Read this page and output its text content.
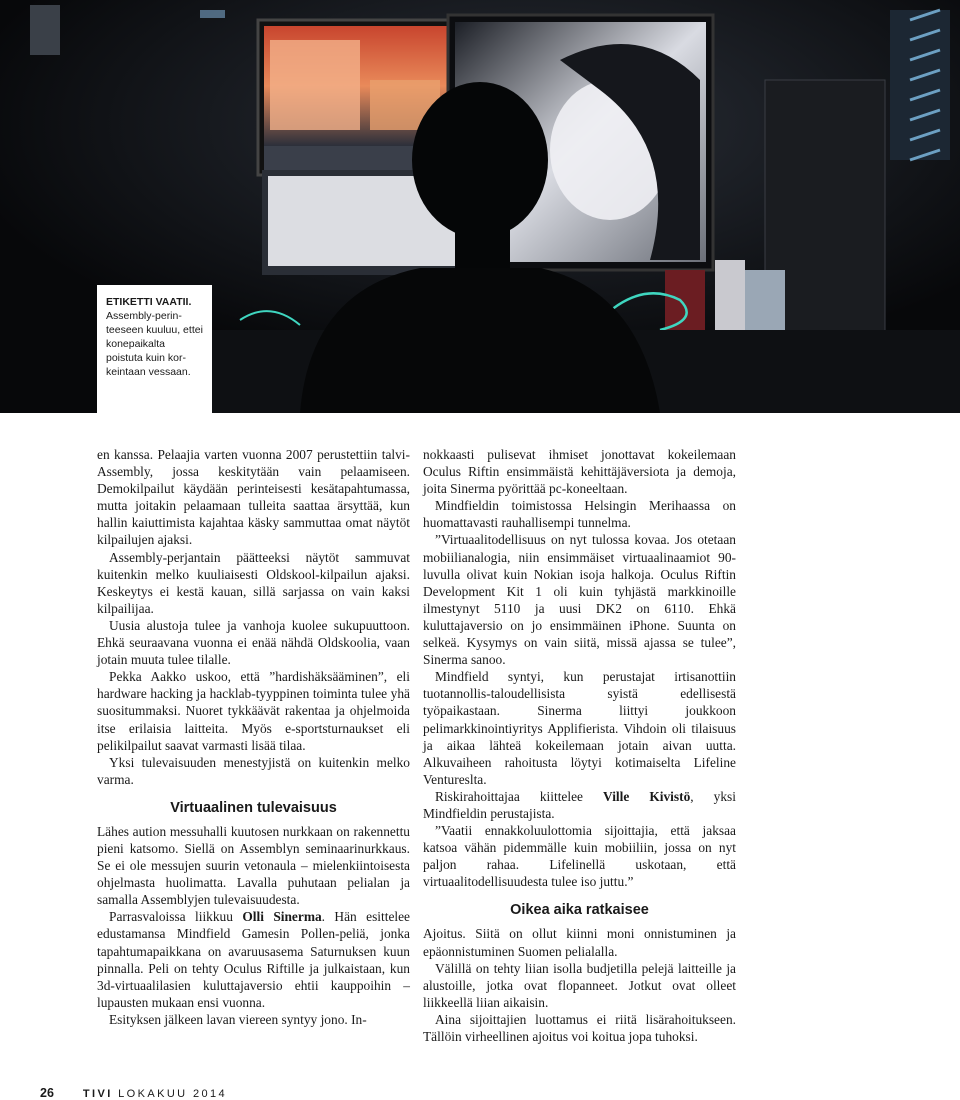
ETIKETTI VAATII.
Assembly-perin-teeseen kuuluu, ettei konepaikalta poistuta kuin kor-keintaan vessaan.

en kanssa. Pelaajia varten vuonna 2007 perustettiin talvi-Assembly, jossa keskitytään vain pelaamiseen. Demokilpailut käydään perinteisesti kesätapahtumassa, mutta joitakin pelaamaan tulleita saattaa ärsyttää, kun hallin kaiuttimista kajahtaa käsky sammuttaa omat näytöt kilpailujen ajaksi.

Assembly-perjantain päätteeksi näytöt sammuvat kuitenkin melko kuuliaisesti Oldskool-kilpailun ajaksi. Keskeytys ei kestä kauan, sillä sarjassa on vain kaksi kilpailijaa.

Uusia alustoja tulee ja vanhoja kuolee sukupuuttoon. Ehkä seuraavana vuonna ei enää nähdä Oldskoolia, vaan jotain muuta tulee tilalle.

Pekka Aakko uskoo, että ”hardishäksääminen”, eli hardware hacking ja hacklab-tyyppinen toiminta tulee yhä suositummaksi. Nuoret tykkäävät rakentaa ja ohjelmoida itse erilaisia laitteita. Myös e-sportsturnaukset eli pelikilpailut saavat varmasti lisää tilaa.

Yksi tulevaisuuden menestyjistä on kuitenkin melko varma.

Virtuaalinen tulevaisuus

Lähes aution messuhalli kuutosen nurkkaan on rakennettu pieni katsomo. Siellä on Assemblyn seminaarinurkkaus. Se ei ole messujen suurin vetonaula – mielenkiintoisesta ohjelmasta huolimatta. Lavalla puhutaan pelialan ja samalla Assemblyjen tulevaisuudesta.

Parrasvaloissa liikkuu Olli Sinerma. Hän esittelee edustamansa Mindfield Gamesin Pollen-peliä, jonka tapahtumapaikkana on avaruusasema Saturnuksen kuun pinnalla. Peli on tehty Oculus Riftille ja julkaistaan, kun 3d-virtuaalilasien kuluttajaversio ehtii kauppoihin – lupausten mukaan ensi vuonna.

Esityksen jälkeen lavan viereen syntyy jono. In-

nokkaasti pulisevat ihmiset jonottavat kokeilemaan Oculus Riftin ensimmäistä kehittäjäversiota ja demoja, joita Sinerma pyörittää pc-koneeltaan.

Mindfieldin toimistossa Helsingin Merihaassa on huomattavasti rauhallisempi tunnelma.

”Virtuaalitodellisuus on nyt tulossa kovaa. Jos otetaan mobiilianalogia, niin ensimmäiset virtuaalinaamiot 90-luvulla olivat kuin Nokian isoja halkoja. Oculus Riftin Development Kit 1 oli kuin tyhjästä markkinoille ilmestynyt 5110 ja uusi DK2 on 6110. Ehkä kuluttajaversio on jo ensimmäinen iPhone. Suunta on selkeä. Kysymys on vain siitä, missä ajassa se tulee”, Sinerma sanoo.

Mindfield syntyi, kun perustajat irtisanottiin tuotannollis-taloudellisista syistä edellisestä työpaikastaan. Sinerma liittyi joukkoon pelimarkkinointiyritys Applifierista. Vihdoin oli tilaisuus ja aikaa lähteä kokeilemaan jotain aivan uutta. Alkuvaiheen rahoitusta löytyi kotimaiselta Lifeline Ventureslta.

Riskirahoittajaa kiittelee Ville Kivistö, yksi Mindfieldin perustajista.

”Vaatii ennakkoluulottomia sijoittajia, että jaksaa katsoa vähän pidemmälle kuin mobiiliin, jossa on nyt paljon rahaa. Lifelinellä uskotaan, että virtuaalitodellisuudesta tulee iso juttu.”

Oikea aika ratkaisee

Ajoitus. Siitä on ollut kiinni moni onnistuminen ja epäonnistuminen Suomen pelialalla.

Välillä on tehty liian isolla budjetilla pelejä laitteille ja alustoille, jotka ovat flopanneet. Jotkut ovat olleet liikkeellä liian aikaisin.

Aina sijoittajien luottamus ei riitä lisärahoitukseen. Tällöin virheellinen ajoitus voi koitua jopa tuhoksi.

26	TIVI LOKAKUU 2014
